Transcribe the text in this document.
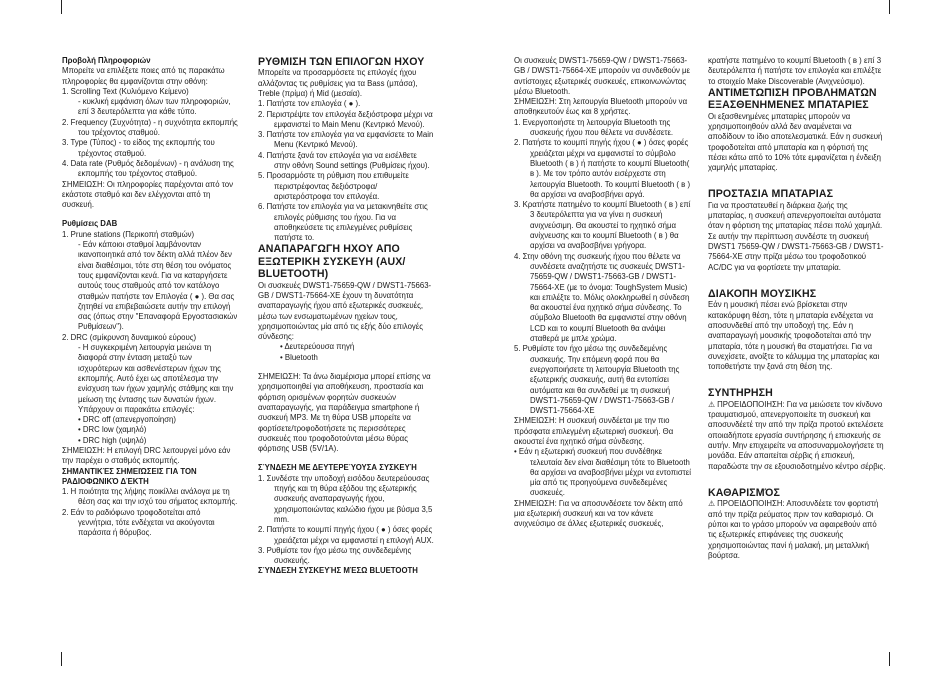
Προβολή Πληροφοριών

Μπορείτε να επιλέξετε ποιες από τις παρακάτω πληροφορίες θα εμφανίζονται στην οθόνη:

1. Scrolling Text (Κυλιόμενο Κείμενο)

- κυκλική εμφάνιση όλων των πληροφοριών, επί 3 δευτερόλεπτα για κάθε τύπο.

2. Frequency (Συχνότητα) - η συχνότητα εκπομπής του τρέχοντος σταθμού.

3. Type (Τύπος) - το είδος της εκπομπής του τρέχοντος σταθμού.

4. Data rate (Ρυθμός δεδομένων) - η ανάλυση της εκπομπής του τρέχοντος σταθμού.

ΣΗΜΕΙΩΣΗ: Οι πληροφορίες παρέχονται από τον εκάστοτε σταθμό και δεν ελέγχονται από τη συσκευή.

Ρυθμίσεις DAB

1. Prune stations (Περικοπή σταθμών)

- Εάν κάποιοι σταθμοί λαμβάνονταν ικανοποιητικά από τον δέκτη αλλά πλέον δεν είναι διαθέσιμοι, τότε στη θέση του ονόματος τους εμφανίζονται κενά. Για να καταργήσετε αυτούς τους σταθμούς από τον κατάλογο σταθμών πατήστε τον Επιλογέα ( ● ). Θα σας ζητηθεί να επιβεβαιώσετε αυτήν την επιλογή σας (όπως στην "Επαναφορά Εργοστασιακών Ρυθμίσεων").

2. DRC (σμίκρυνση δυναμικού εύρους)

- Η συγκεκριμένη λειτουργία μειώνει τη διαφορά στην ένταση μεταξύ των ισχυρότερων και ασθενέστερων ήχων της εκπομπής. Αυτό έχει ως αποτέλεσμα την ενίσχυση των ήχων χαμηλής στάθμης και την μείωση της έντασης των δυνατών ήχων. Υπάρχουν οι παρακάτω επιλογές:

• DRC off (απενεργοποίηση)

• DRC low (χαμηλό)

• DRC high (υψηλό)

ΣΗΜΕΙΩΣΗ: Η επιλογή DRC λειτουργεί μόνο εάν την παρέχει ο σταθμός εκπομπής.

ΣΗΜΑΝΤΙΚΈΣ ΣΗΜΕΙΏΣΕΙΣ ΓΙΑ ΤΟΝ ΡΑΔΙΟΦΩΝΙΚΌ ΔΈΚΤΗ

1. Η ποιότητα της λήψης ποικίλλει ανάλογα με τη θέση σας και την ισχύ του σήματος εκπομπής.

2. Εάν το ραδιόφωνο τροφοδοτείται από γεννήτρια, τότε ενδέχεται να ακούγονται παράσιτα ή θόρυβος.

ΡΥΘΜΙΣΗ ΤΩΝ ΕΠΙΛΟΓΩΝ ΗΧΟΥ

Μπορείτε να προσαρμόσετε τις επιλογές ήχου αλλάζοντας τις ρυθμίσεις για τα Bass (μπάσα), Treble (πρίμα) ή Mid (μεσαία).

1. Πατήστε τον επιλογέα ( ● ).

2. Περιστρέψτε τον επιλογέα δεξιόστροφα μέχρι να εμφανιστεί το Main Menu (Κεντρικό Μενού).

3. Πατήστε τον επιλογέα για να εμφανίσετε το Main Menu (Κεντρικό Μενού).

4. Πατήστε ξανά τον επιλογέα για να εισέλθετε στην οθόνη Sound settings (Ρυθμίσεις ήχου).

5. Προσαρμόστε τη ρύθμιση που επιθυμείτε περιστρέφοντας δεξιόστροφα/ αριστερόστροφα τον επιλογέα.

6. Πατήστε τον επιλογέα για να μετακινηθείτε στις επιλογές ρύθμισης του ήχου. Για να αποθηκεύσετε τις επιλεγμένες ρυθμίσεις πατήστε το.

ΑΝΑΠΑΡΑΓΩΓΗ ΗΧΟΥ ΑΠΟ ΕΞΩΤΕΡΙΚΗ ΣΥΣΚΕΥΗ (AUX/ BLUETOOTH)

Οι συσκευές DWST1-75659-QW / DWST1-75663-GB / DWST1-75664-XE έχουν τη δυνατότητα αναπαραγωγής ήχου από εξωτερικές συσκευές, μέσω των ενσωματωμένων ηχείων τους, χρησιμοποιώντας μία από τις εξής δύο επιλογές σύνδεσης:

• Δευτερεύουσα πηγή

• Bluetooth

ΣΗΜΕΙΩΣΗ: Τα άνω διαμέρισμα μπορεί επίσης να χρησιμοποιηθεί για αποθήκευση, προστασία και φόρτιση ορισμένων φορητών συσκευών αναπαραγωγής, για παράδειγμα smartphone ή συσκευή MP3. Με τη θύρα USB μπορείτε να φορτίσετε/τροφοδοτήσετε τις περισσότερες συσκευές που τροφοδοτούνται μέσω θύρας φόρτισης USB (5V/1A).

ΣΎΝΔΕΣΗ ΜΕ ΔΕΥΤΕΡΕΎΟΥΣΑ ΣΥΣΚΕΥΉ

1. Συνδέστε την υποδοχή εισόδου δευτερεύουσας πηγής και τη θύρα εξόδου της εξωτερικής συσκευής αναπαραγωγής ήχου, χρησιμοποιώντας καλώδιο ήχου με βύσμα 3,5 mm.

2. Πατήστε το κουμπί πηγής ήχου ( ● ) όσες φορές χρειάζεται μέχρι να εμφανιστεί η επιλογή AUX.

3. Ρυθμίστε τον ήχο μέσω της συνδεδεμένης συσκευής.

ΣΎΝΔΕΣΗ ΣΥΣΚΕΥΉΣ ΜΈΣΩ BLUETOOTH

Οι συσκευές DWST1-75659-QW / DWST1-75663-GB / DWST1-75664-XE μπορούν να συνδεθούν με αντίστοιχες εξωτερικές συσκευές, επικοινωνώντας μέσω Bluetooth.

ΣΗΜΕΙΩΣΗ: Στη λειτουργία Bluetooth μπορούν να αποθηκευτούν έως και 8 χρήστες.

1. Ενεργοποιήστε τη λειτουργία Bluetooth της συσκευής ήχου που θέλετε να συνδέσετε.

2. Πατήστε το κουμπί πηγής ήχου ( ● ) όσες φορές χρειάζεται μέχρι να εμφανιστεί το σύμβολο Bluetooth ( ʙ ) ή πατήστε το κουμπί Bluetooth( ʙ ). Με τον τρόπο αυτόν εισέρχεστε στη λειτουργία Bluetooth. Το κουμπί Bluetooth ( ʙ ) θα αρχίσει να αναβοσβήνει αργά.

3. Κρατήστε πατημένο το κουμπί Bluetooth ( ʙ ) επί 3 δευτερόλεπτα για να γίνει η συσκευή ανιχνεύσιμη. Θα ακουστεί το ηχητικό σήμα ανίχνευσης και το κουμπί Bluetooth ( ʙ ) θα αρχίσει να αναβοσβήνει γρήγορα.

4. Στην οθόνη της συσκευής ήχου που θέλετε να συνδέσετε αναζητήστε τις συσκευές DWST1-75659-QW / DWST1-75663-GB / DWST1-75664-XE (με το όνομα: ToughSystem Music) και επιλέξτε το. Μόλις ολοκληρωθεί η σύνδεση θα ακουστεί ένα ηχητικό σήμα σύνδεσης. Το σύμβολο Bluetooth θα εμφανιστεί στην οθόνη LCD και το κουμπί Bluetooth θα ανάψει σταθερά με μπλε χρώμα.

5. Ρυθμίστε τον ήχο μέσω της συνδεδεμένης συσκευής. Την επόμενη φορά που θα ενεργοποιήσετε τη λειτουργία Bluetooth της εξωτερικής συσκευής, αυτή θα εντοπίσει αυτόματα και θα συνδεθεί με τη συσκευή DWST1-75659-QW / DWST1-75663-GB / DWST1-75664-XE

ΣΗΜΕΙΩΣΗ: Η συσκευή συνδέεται με την πιο πρόσφατα επιλεγμένη εξωτερική συσκευή. Θα ακουστεί ένα ηχητικό σήμα σύνδεσης.

• Εάν η εξωτερική συσκευή που συνδέθηκε τελευταία δεν είναι διαθέσιμη τότε το Bluetooth θα αρχίσει να αναβοσβήνει μέχρι να εντοπιστεί μία από τις προηγούμενα συνδεδεμένες συσκευές.

ΣΗΜΕΙΩΣΗ: Για να αποσυνδέσετε τον δέκτη από μια εξωτερική συσκευή και να τον κάνετε ανιχνεύσιμο σε άλλες εξωτερικές συσκευές,

κρατήστε πατημένο το κουμπί Bluetooth ( ʙ ) επί 3 δευτερόλεπτα ή πατήστε τον επιλογέα και επιλέξτε το στοιχείο Make Discoverable (Ανιχνεύσιμο).

ΑΝΤΙΜΕΤΩΠΙΣΗ ΠΡΟΒΛΗΜΑΤΩΝ ΕΞΑΣΘΕΝΗΜΕΝΕΣ ΜΠΑΤΑΡΙΕΣ

Οι εξασθενημένες μπαταρίες μπορούν να χρησιμοποιηθούν αλλά δεν αναμένεται να αποδίδουν το ίδιο αποτελεσματικά. Εάν η συσκευή τροφοδοτείται από μπαταρία και η φόρτισή της πέσει κάτω από το 10% τότε εμφανίζεται η ένδειξη χαμηλής μπαταρίας.

ΠΡΟΣΤΑΣΙΑ ΜΠΑΤΑΡΙΑΣ

Για να προστατευθεί η διάρκεια ζωής της μπαταρίας, η συσκευή απενεργοποιείται αυτόματα όταν η φόρτιση της μπαταρίας πέσει πολύ χαμηλά. Σε αυτήν την περίπτωση συνδέστε τη συσκευή DWST1 75659-QW / DWST1-75663-GB / DWST1-75664-XE στην πρίζα μέσω του τροφοδοτικού AC/DC για να φορτίσετε την μπαταρία.

ΔΙΑΚΟΠΗ ΜΟΥΣΙΚΗΣ

Εάν η μουσική πέσει ενώ βρίσκεται στην κατακόρυφη θέση, τότε η μπαταρία ενδέχεται να αποσυνδεθεί από την υποδοχή της. Εάν η αναπαραγωγή μουσικής τροφοδοτείται από την μπαταρία, τότε η μουσική θα σταματήσει. Για να συνεχίσετε, ανοίξτε το κάλυμμα της μπαταρίας και τοποθετήστε την ξανά στη θέση της.

ΣΥΝΤΗΡΗΣΗ

⚠ ΠΡΟΕΙΔΟΠΟΙΗΣΗ: Για να μειώσετε τον κίνδυνο τραυματισμού, απενεργοποιείτε τη συσκευή και αποσυνδέετέ την από την πρίζα προτού εκτελέσετε οποιαδήποτε εργασία συντήρησης ή επισκευής σε αυτήν. Μην επιχειρείτε να αποσυναρμολογήσετε τη μονάδα. Εάν απαιτείται σέρβις ή επισκευή, παραδώστε την σε εξουσιοδοτημένο κέντρο σέρβις.

ΚΑΘΑΡΙΣΜΌΣ

⚠ ΠΡΟΕΙΔΟΠΟΙΗΣΗ: Αποσυνδέετε τον φορτιστή από την πρίζα ρεύματος πριν τον καθαρισμό. Οι ρύποι και το γράσο μπορούν να αφαιρεθούν από τις εξωτερικές επιφάνειες της συσκευής χρησιμοποιώντας πανί ή μαλακή, μη μεταλλική βούρτσα.
